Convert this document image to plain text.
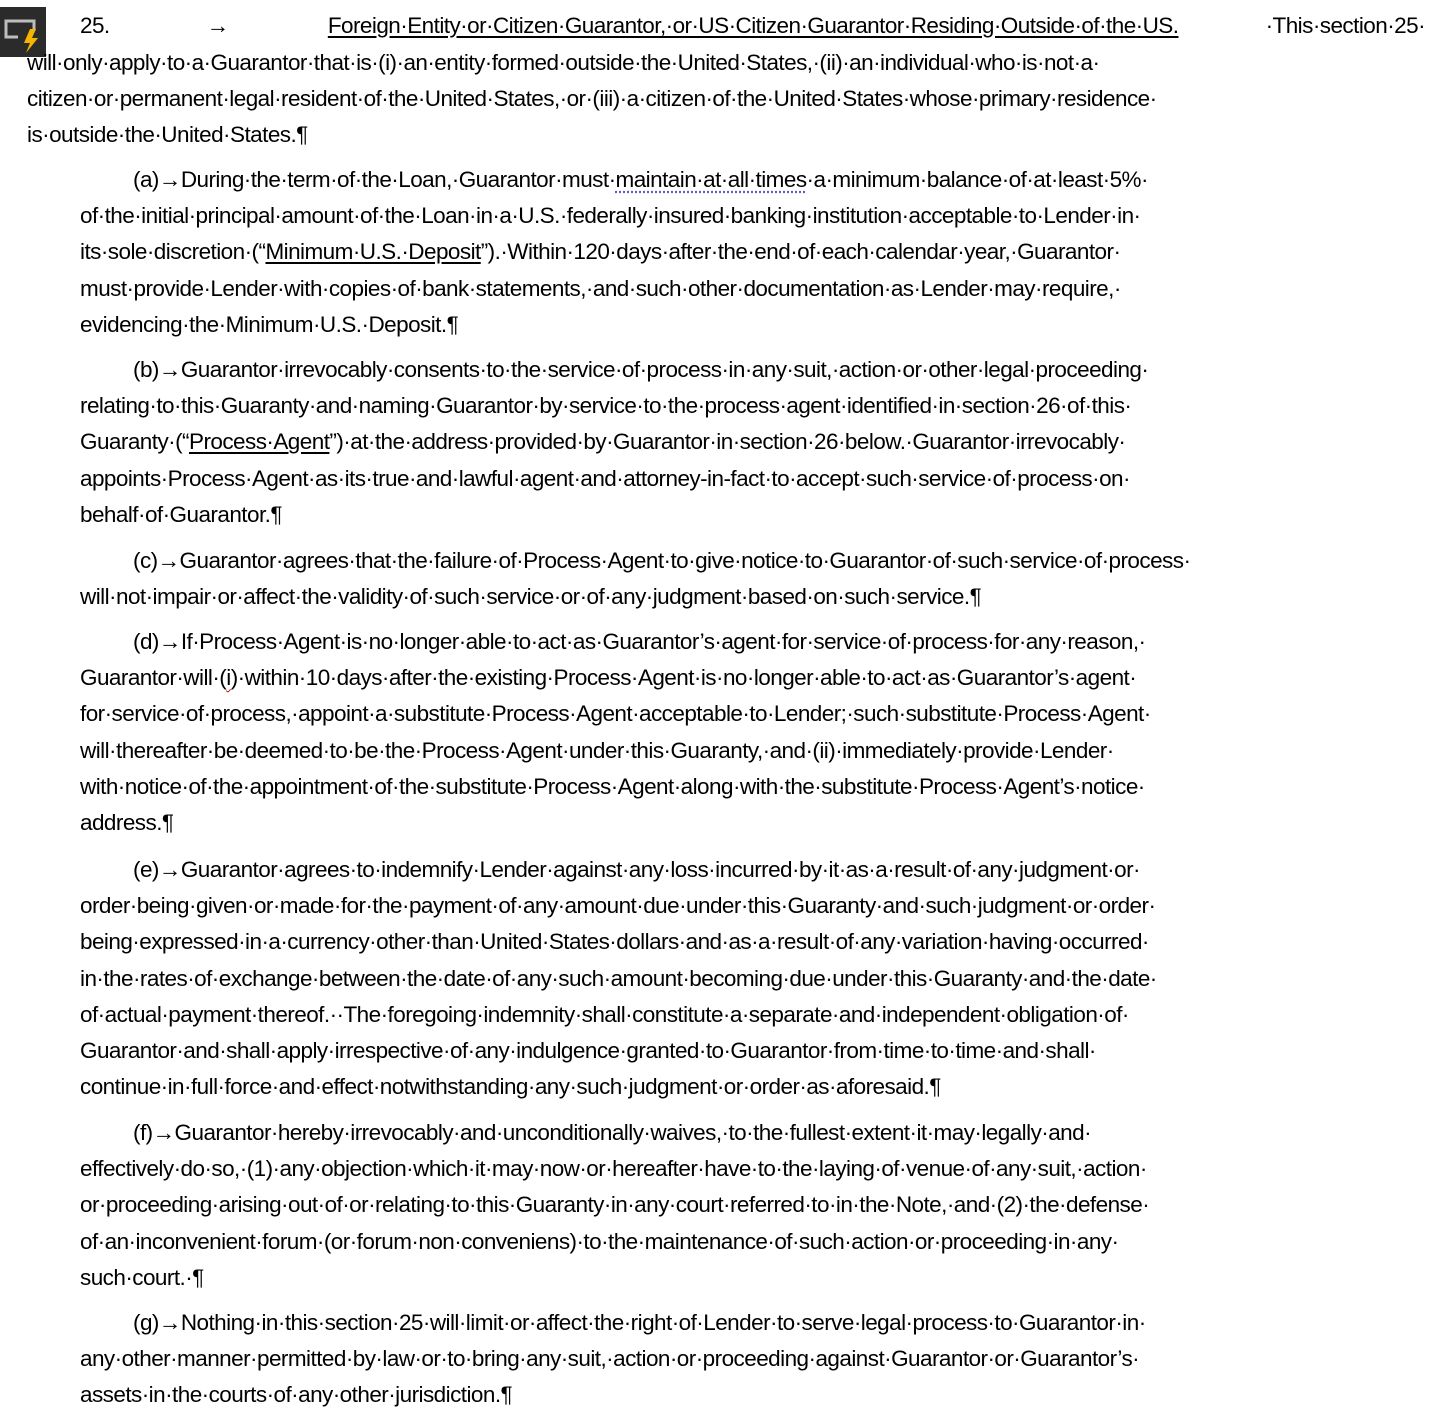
25.	→	Foreign·Entity·or·Citizen·Guarantor,·or·US·Citizen·Guarantor·Residing·Outside·of·the·US.	·This·section·25·
will·only·apply·to·a·Guarantor·that·is·(i)·an·entity·formed·outside·the·United·States,·(ii)·an·individual·who·is·not·a·
citizen·or·permanent·legal·resident·of·the·United·States,·or·(iii)·a·citizen·of·the·United·States·whose·primary·residence·
is·outside·the·United·States.¶
(a)→During·the·term·of·the·Loan,·Guarantor·must·maintain·at·all·times·a·minimum·balance·of·at·least·5%·
of·the·initial·principal·amount·of·the·Loan·in·a·U.S.·federally·insured·banking·institution·acceptable·to·Lender·in·
its·sole·discretion·(“Minimum·U.S.·Deposit”).·Within·120·days·after·the·end·of·each·calendar·year,·Guarantor·
must·provide·Lender·with·copies·of·bank·statements,·and·such·other·documentation·as·Lender·may·require,·
evidencing·the·Minimum·U.S.·Deposit.¶
(b)→Guarantor·irrevocably·consents·to·the·service·of·process·in·any·suit,·action·or·other·legal·proceeding·
relating·to·this·Guaranty·and·naming·Guarantor·by·service·to·the·process·agent·identified·in·section·26·of·this·
Guaranty·(“Process·Agent”)·at·the·address·provided·by·Guarantor·in·section·26·below.·Guarantor·irrevocably·
appoints·Process·Agent·as·its·true·and·lawful·agent·and·attorney-in-fact·to·accept·such·service·of·process·on·
behalf·of·Guarantor.¶
(c)→Guarantor·agrees·that·the·failure·of·Process·Agent·to·give·notice·to·Guarantor·of·such·service·of·process·
will·not·impair·or·affect·the·validity·of·such·service·or·of·any·judgment·based·on·such·service.¶
(d)→If·Process·Agent·is·no·longer·able·to·act·as·Guarantor’s·agent·for·service·of·process·for·any·reason,·
Guarantor·will·(i)·within·10·days·after·the·existing·Process·Agent·is·no·longer·able·to·act·as·Guarantor’s·agent·
for·service·of·process,·appoint·a·substitute·Process·Agent·acceptable·to·Lender;·such·substitute·Process·Agent·
will·thereafter·be·deemed·to·be·the·Process·Agent·under·this·Guaranty,·and·(ii)·immediately·provide·Lender·
with·notice·of·the·appointment·of·the·substitute·Process·Agent·along·with·the·substitute·Process·Agent’s·notice·
address.¶
(e)→Guarantor·agrees·to·indemnify·Lender·against·any·loss·incurred·by·it·as·a·result·of·any·judgment·or·
order·being·given·or·made·for·the·payment·of·any·amount·due·under·this·Guaranty·and·such·judgment·or·order·
being·expressed·in·a·currency·other·than·United·States·dollars·and·as·a·result·of·any·variation·having·occurred·
in·the·rates·of·exchange·between·the·date·of·any·such·amount·becoming·due·under·this·Guaranty·and·the·date·
of·actual·payment·thereof.··The·foregoing·indemnity·shall·constitute·a·separate·and·independent·obligation·of·
Guarantor·and·shall·apply·irrespective·of·any·indulgence·granted·to·Guarantor·from·time·to·time·and·shall·
continue·in·full·force·and·effect·notwithstanding·any·such·judgment·or·order·as·aforesaid.¶
(f)→Guarantor·hereby·irrevocably·and·unconditionally·waives,·to·the·fullest·extent·it·may·legally·and·
effectively·do·so,·(1)·any·objection·which·it·may·now·or·hereafter·have·to·the·laying·of·venue·of·any·suit,·action·
or·proceeding·arising·out·of·or·relating·to·this·Guaranty·in·any·court·referred·to·in·the·Note,·and·(2)·the·defense·
of·an·inconvenient·forum·(or·forum·non·conveniens)·to·the·maintenance·of·such·action·or·proceeding·in·any·
such·court.·¶
(g)→Nothing·in·this·section·25·will·limit·or·affect·the·right·of·Lender·to·serve·legal·process·to·Guarantor·in·
any·other·manner·permitted·by·law·or·to·bring·any·suit,·action·or·proceeding·against·Guarantor·or·Guarantor’s·
assets·in·the·courts·of·any·other·jurisdiction.¶
